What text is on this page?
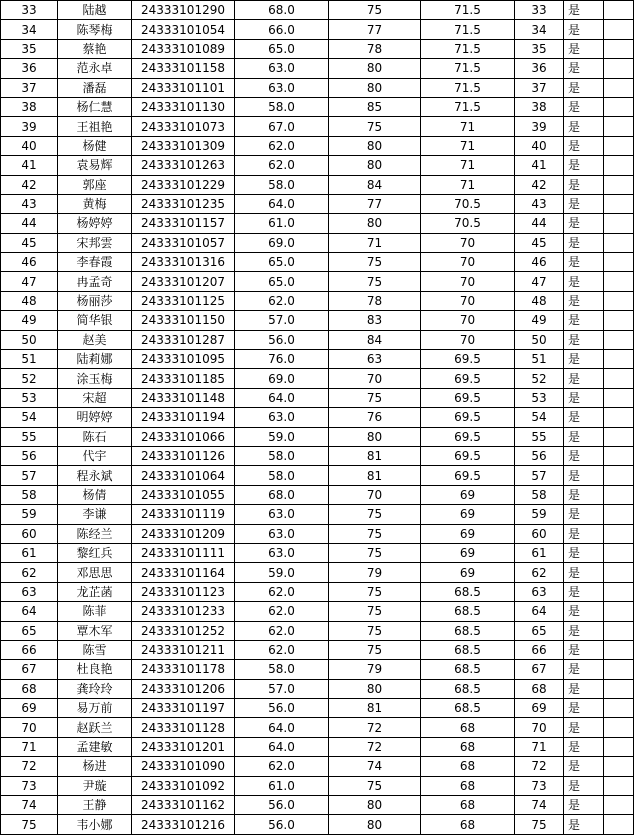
33	陆越	24333101290	68.0	75	71.5	33	是	
34	陈琴梅	24333101054	66.0	77	71.5	34	是	
35	蔡艳	24333101089	65.0	78	71.5	35	是	
36	范永卓	24333101158	63.0	80	71.5	36	是	
37	潘磊	24333101101	63.0	80	71.5	37	是	
38	杨仁慧	24333101130	58.0	85	71.5	38	是	
39	王祖艳	24333101073	67.0	75	71	39	是	
40	杨健	24333101309	62.0	80	71	40	是	
41	袁易辉	24333101263	62.0	80	71	41	是	
42	郭座	24333101229	58.0	84	71	42	是	
43	黄梅	24333101235	64.0	77	70.5	43	是	
44	杨婷婷	24333101157	61.0	80	70.5	44	是	
45	宋邦雲	24333101057	69.0	71	70	45	是	
46	李春霞	24333101316	65.0	75	70	46	是	
47	冉孟奇	24333101207	65.0	75	70	47	是	
48	杨丽莎	24333101125	62.0	78	70	48	是	
49	简华银	24333101150	57.0	83	70	49	是	
50	赵美	24333101287	56.0	84	70	50	是	
51	陆莉娜	24333101095	76.0	63	69.5	51	是	
52	涂玉梅	24333101185	69.0	70	69.5	52	是	
53	宋超	24333101148	64.0	75	69.5	53	是	
54	明婷婷	24333101194	63.0	76	69.5	54	是	
55	陈石	24333101066	59.0	80	69.5	55	是	
56	代宇	24333101126	58.0	81	69.5	56	是	
57	程永斌	24333101064	58.0	81	69.5	57	是	
58	杨倩	24333101055	68.0	70	69	58	是	
59	李谦	24333101119	63.0	75	69	59	是	
60	陈经兰	24333101209	63.0	75	69	60	是	
61	黎红兵	24333101111	63.0	75	69	61	是	
62	邓思思	24333101164	59.0	79	69	62	是	
63	龙芷菡	24333101123	62.0	75	68.5	63	是	
64	陈菲	24333101233	62.0	75	68.5	64	是	
65	覃木军	24333101252	62.0	75	68.5	65	是	
66	陈雪	24333101211	62.0	75	68.5	66	是	
67	杜良艳	24333101178	58.0	79	68.5	67	是	
68	龚玲玲	24333101206	57.0	80	68.5	68	是	
69	易万前	24333101197	56.0	81	68.5	69	是	
70	赵跃兰	24333101128	64.0	72	68	70	是	
71	孟建敏	24333101201	64.0	72	68	71	是	
72	杨进	24333101090	62.0	74	68	72	是	
73	尹璇	24333101092	61.0	75	68	73	是	
74	王静	24333101162	56.0	80	68	74	是	
75	韦小娜	24333101216	56.0	80	68	75	是	
